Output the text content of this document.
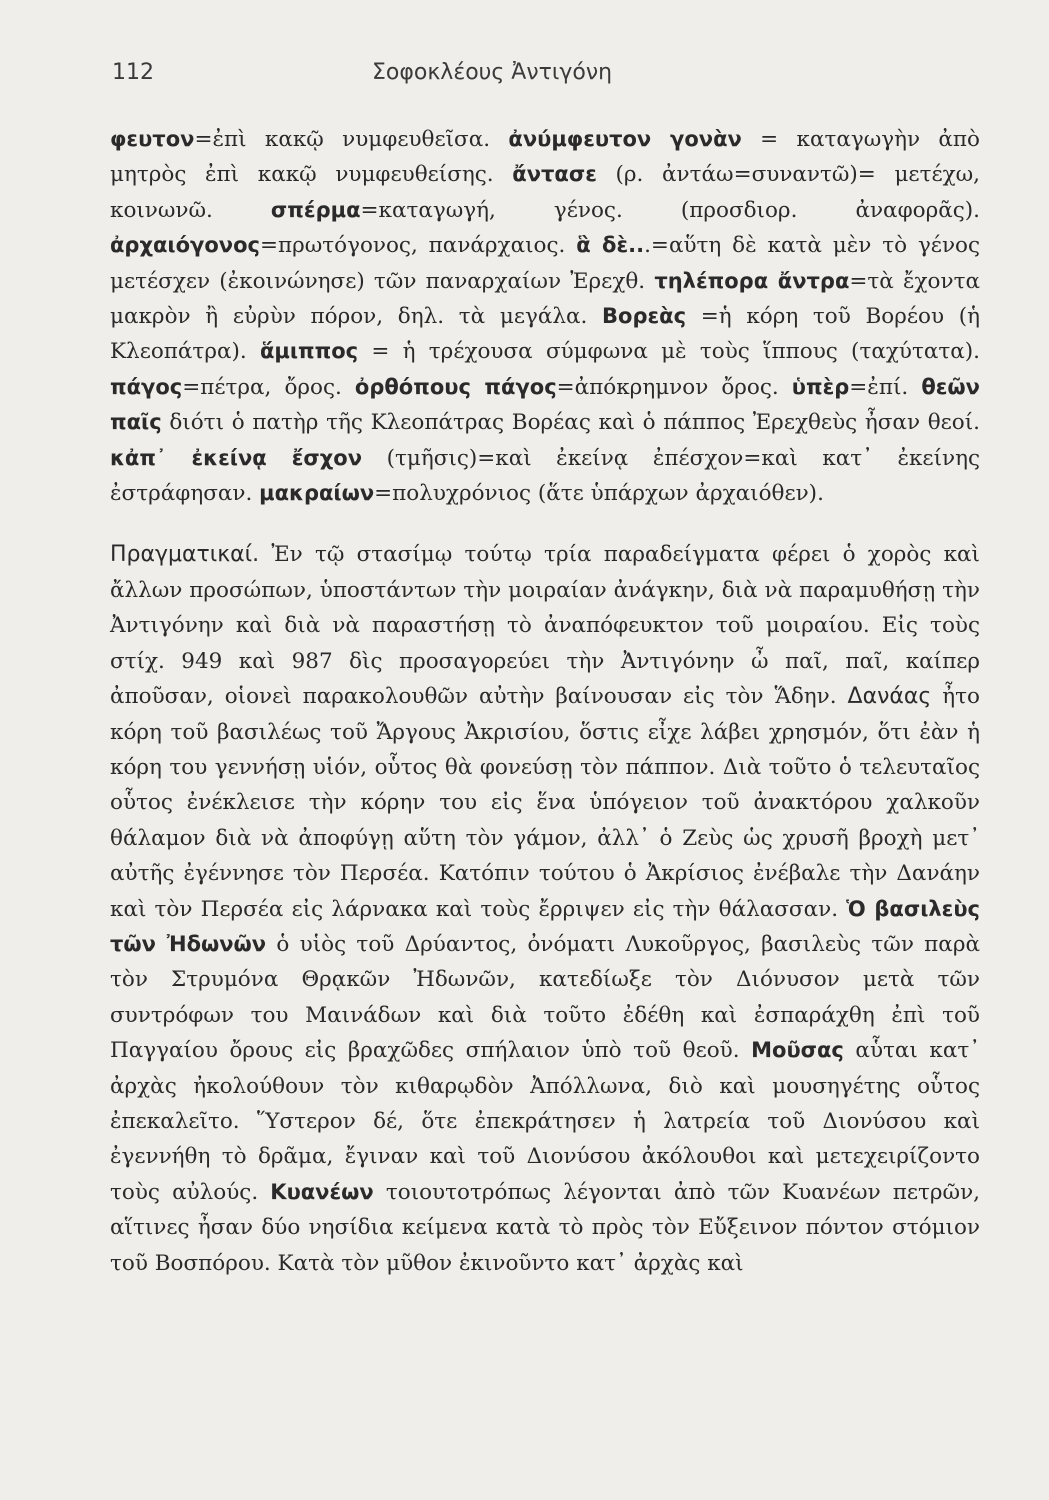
112	Σοφοκλέους Ἀντιγόνη

φευτον=ἐπὶ κακῷ νυμφευθεῖσα. ἀνύμφευτον γονὰν = καταγωγὴν ἀπὸ μητρὸς ἐπὶ κακῷ νυμφευθείσης. ἄντασε (ρ. ἀντάω=συναντῶ)= μετέχω, κοινωνῶ. σπέρμα=καταγωγή, γένος. (προσδιορ. ἀναφορᾶς). ἀρχαιόγονος=πρωτόγονος, πανάρχαιος. ἃ δὲ...=αὕτη δὲ κατὰ μὲν τὸ γένος μετέσχεν (ἐκοινώνησε) τῶν παναρχαίων Ἐρεχθ. τηλέπορα ἄντρα=τὰ ἔχοντα μακρὸν ἢ εὐρὺν πόρον, δηλ. τὰ μεγάλα. Βορεὰς =ἡ κόρη τοῦ Βορέου (ἡ Κλεοπάτρα). ἅμιππος = ἡ τρέχουσα σύμφωνα μὲ τοὺς ἵππους (ταχύτατα). πάγος=πέτρα, ὄρος. ὀρθόπους πάγος=ἀπόκρημνον ὄρος. ὑπὲρ=ἐπί. θεῶν παῖς διότι ὁ πατὴρ τῆς Κλεοπάτρας Βορέας καὶ ὁ πάππος Ἐρεχθεὺς ἦσαν θεοί. κἀπ᾿ ἐκείνᾳ ἔσχον (τμῆσις)=καὶ ἐκείνᾳ ἐπέσχον=καὶ κατ᾿ ἐκείνης ἐστράφησαν. μακραίων=πολυχρόνιος (ἅτε ὑπάρχων ἀρχαιόθεν).

Πραγματικαί. Ἐν τῷ στασίμῳ τούτῳ τρία παραδείγματα φέρει ὁ χορὸς καὶ ἄλλων προσώπων, ὑποστάντων τὴν μοιραίαν ἀνάγκην, διὰ νὰ παραμυθήσῃ τὴν Ἀντιγόνην καὶ διὰ νὰ παραστήσῃ τὸ ἀναπόφευκτον τοῦ μοιραίου. Εἰς τοὺς στίχ. 949 καὶ 987 δὶς προσαγορεύει τὴν Ἀντιγόνην ὦ παῖ, παῖ, καίπερ ἀποῦσαν, οἱονεὶ παρακολουθῶν αὐτὴν βαίνουσαν εἰς τὸν Ἅδην. Δανάας ἦτο κόρη τοῦ βασιλέως τοῦ Ἄργους Ἀκρισίου, ὅστις εἶχε λάβει χρησμόν, ὅτι ἐὰν ἡ κόρη του γεννήσῃ υἱόν, οὗτος θὰ φονεύσῃ τὸν πάππον. Διὰ τοῦτο ὁ τελευταῖος οὗτος ἐνέκλεισε τὴν κόρην του εἰς ἕνα ὑπόγειον τοῦ ἀνακτόρου χαλκοῦν θάλαμον διὰ νὰ ἀποφύγῃ αὕτη τὸν γάμον, ἀλλ᾿ ὁ Ζεὺς ὡς χρυσῆ βροχὴ μετ᾿ αὐτῆς ἐγέννησε τὸν Περσέα. Κατόπιν τούτου ὁ Ἀκρίσιος ἐνέβαλε τὴν Δανάην καὶ τὸν Περσέα εἰς λάρνακα καὶ τοὺς ἔρριψεν εἰς τὴν θάλασσαν. Ὁ βασιλεὺς τῶν Ἠδωνῶν ὁ υἱὸς τοῦ Δρύαντος, ὀνόματι Λυκοῦργος, βασιλεὺς τῶν παρὰ τὸν Στρυμόνα Θρᾳκῶν Ἠδωνῶν, κατεδίωξε τὸν Διόνυσον μετὰ τῶν συντρόφων του Μαινάδων καὶ διὰ τοῦτο ἐδέθη καὶ ἐσπαράχθη ἐπὶ τοῦ Παγγαίου ὄρους εἰς βραχῶδες σπήλαιον ὑπὸ τοῦ θεοῦ. Μοῦσας αὗται κατ᾿ ἀρχὰς ἠκολούθουν τὸν κιθαρῳδὸν Ἀπόλλωνα, διὸ καὶ μουσηγέτης οὗτος ἐπεκαλεῖτο. Ὕστερον δέ, ὅτε ἐπεκράτησεν ἡ λατρεία τοῦ Διονύσου καὶ ἐγεννήθη τὸ δρᾶμα, ἔγιναν καὶ τοῦ Διονύσου ἀκόλουθοι καὶ μετεχειρίζοντο τοὺς αὐλούς. Κυανέων τοιουτοτρόπως λέγονται ἀπὸ τῶν Κυανέων πετρῶν, αἵτινες ἦσαν δύο νησίδια κείμενα κατὰ τὸ πρὸς τὸν Εὔξεινον πόντον στόμιον τοῦ Βοσπόρου. Κατὰ τὸν μῦθον ἐκινοῦντο κατ᾿ ἀρχὰς καὶ
